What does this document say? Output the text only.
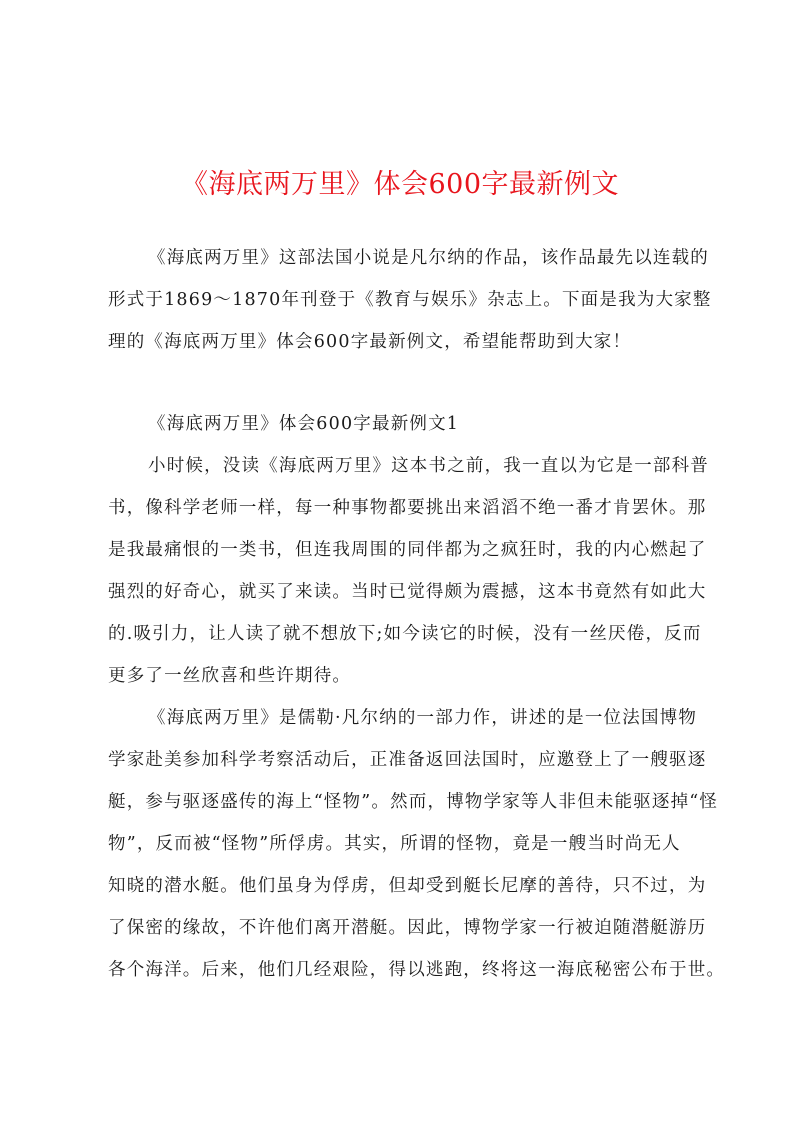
《海底两万里》体会600字最新例文
《海底两万里》这部法国小说是凡尔纳的作品，该作品最先以连载的
形式于1869～1870年刊登于《教育与娱乐》杂志上。下面是我为大家整
理的《海底两万里》体会600字最新例文，希望能帮助到大家！
《海底两万里》体会600字最新例文1
小时候，没读《海底两万里》这本书之前，我一直以为它是一部科普
书，像科学老师一样，每一种事物都要挑出来滔滔不绝一番才肯罢休。那
是我最痛恨的一类书，但连我周围的同伴都为之疯狂时，我的内心燃起了
强烈的好奇心，就买了来读。当时已觉得颇为震撼，这本书竟然有如此大
的.吸引力，让人读了就不想放下;如今读它的时候，没有一丝厌倦，反而
更多了一丝欣喜和些许期待。
《海底两万里》是儒勒·凡尔纳的一部力作，讲述的是一位法国博物
学家赴美参加科学考察活动后，正准备返回法国时，应邀登上了一艘驱逐
艇，参与驱逐盛传的海上“怪物”。然而，博物学家等人非但未能驱逐掉“怪
物”，反而被“怪物”所俘虏。其实，所谓的怪物，竟是一艘当时尚无人
知晓的潜水艇。他们虽身为俘虏，但却受到艇长尼摩的善待，只不过，为
了保密的缘故，不许他们离开潜艇。因此，博物学家一行被迫随潜艇游历
各个海洋。后来，他们几经艰险，得以逃跑，终将这一海底秘密公布于世。
